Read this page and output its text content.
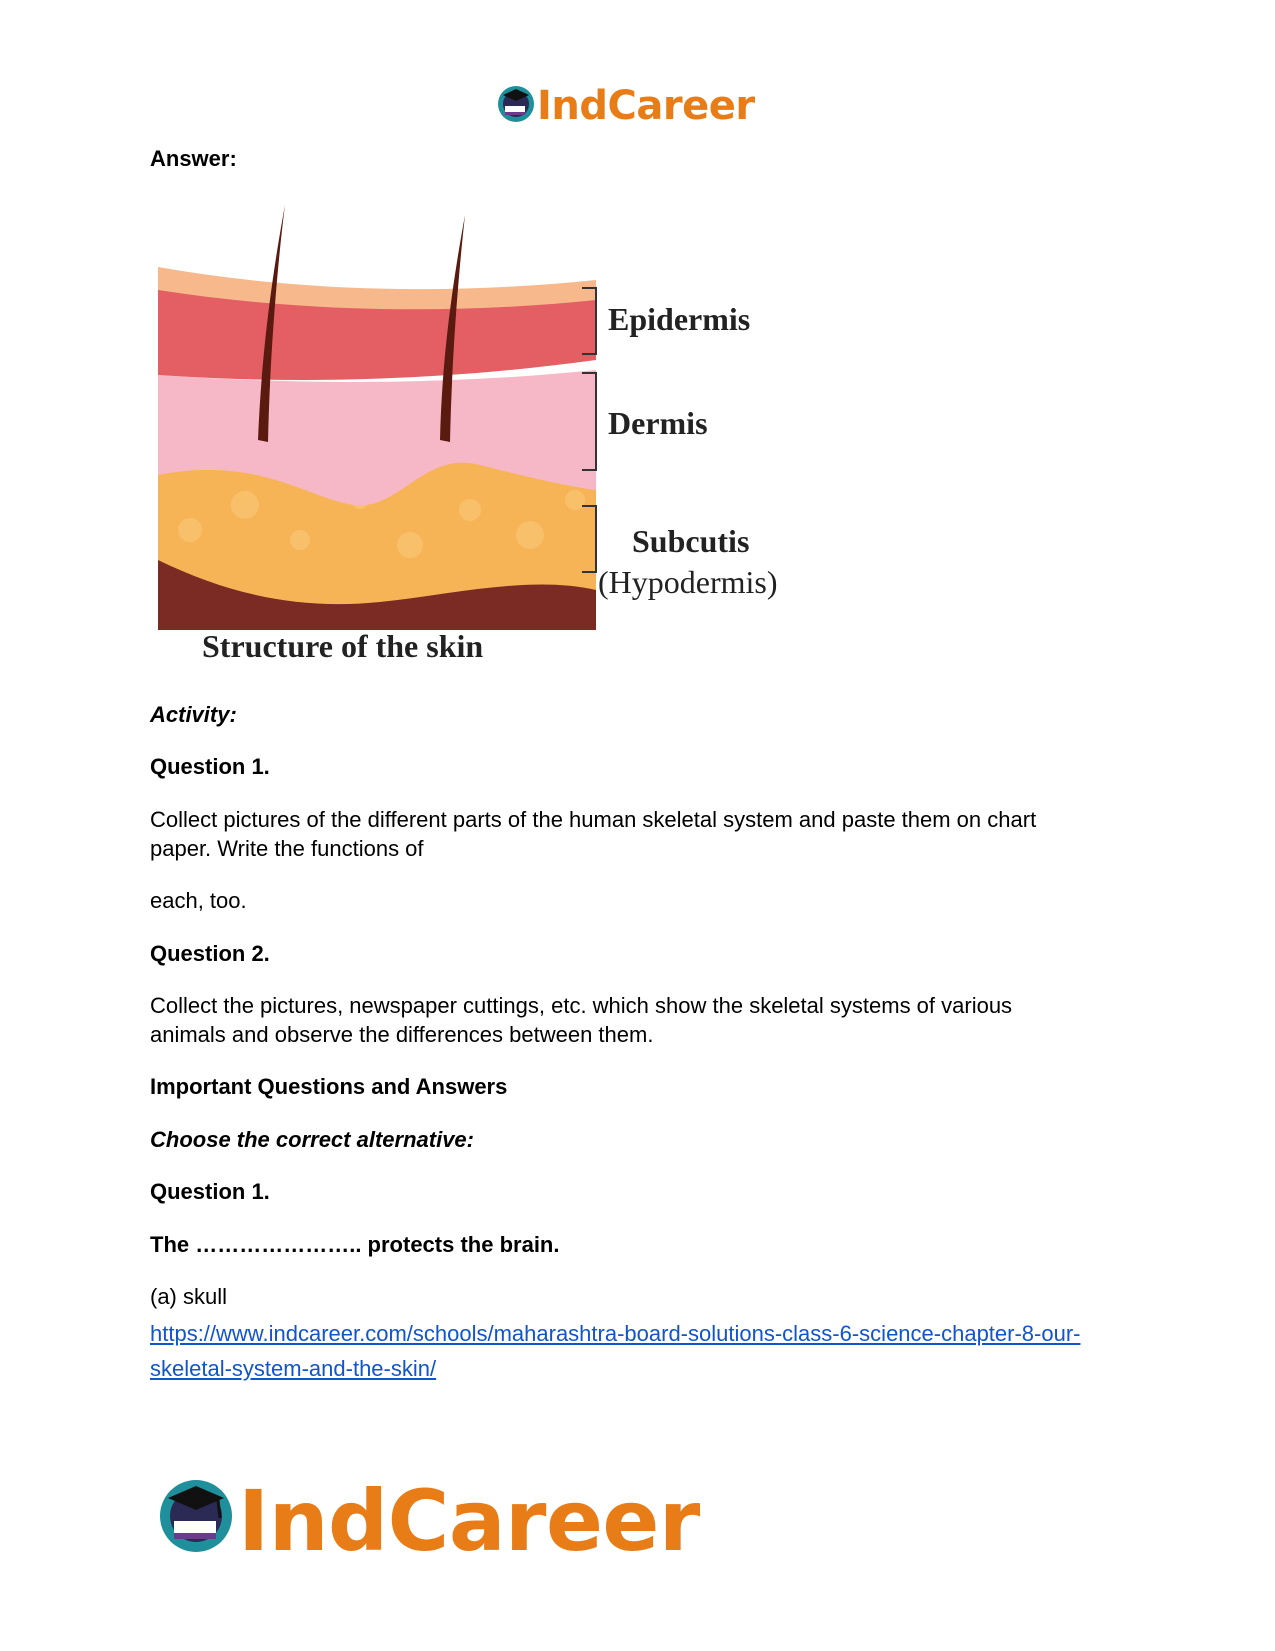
IndCareer
Answer:
Epidermis
Dermis
Subcutis
(Hypodermis)
Structure of the skin
Activity:
Question 1.
Collect pictures of the different parts of the human skeletal system and paste them on chart
paper. Write the functions of
each, too.
Question 2.
Collect the pictures, newspaper cuttings, etc. which show the skeletal systems of various
animals and observe the differences between them.
Important Questions and Answers
Choose the correct alternative:
Question 1.
The ………………….. protects the brain.
(a) skull
https://www.indcareer.com/schools/maharashtra-board-solutions-class-6-science-chapter-8-our-
skeletal-system-and-the-skin/
IndCareer
